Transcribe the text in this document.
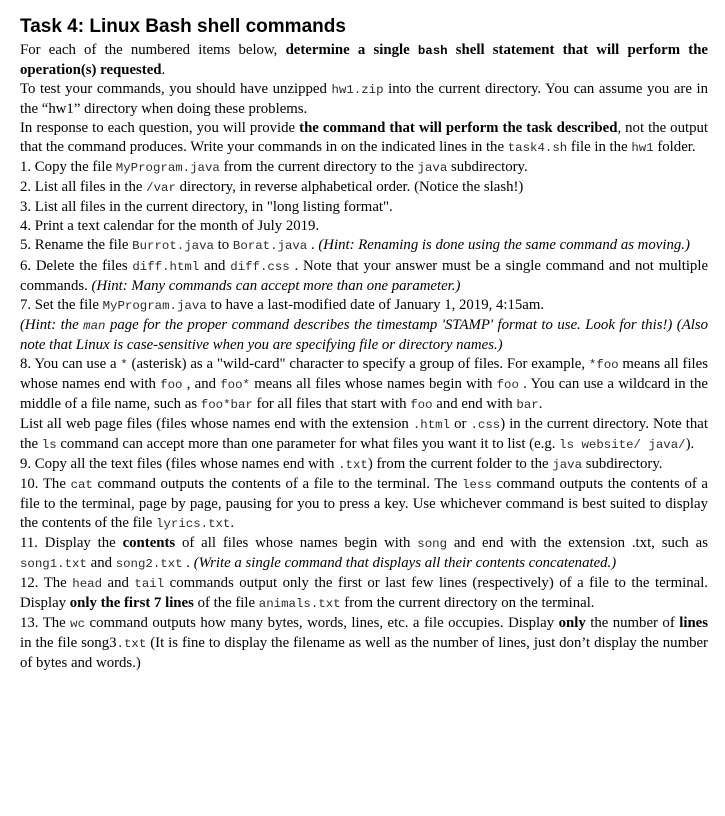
Task 4: Linux Bash shell commands

For each of the numbered items below, determine a single bash shell statement that will perform the operation(s) requested.

To test your commands, you should have unzipped hw1.zip into the current directory. You can assume you are in the “hw1” directory when doing these problems.

In response to each question, you will provide the command that will perform the task described, not the output that the command produces. Write your commands in on the indicated lines in the task4.sh file in the hw1 folder.

1. Copy the file MyProgram.java from the current directory to the java subdirectory.

2. List all files in the /var directory, in reverse alphabetical order. (Notice the slash!)

3. List all files in the current directory, in "long listing format".

4. Print a text calendar for the month of July 2019.

5. Rename the file Burrot.java to Borat.java . (Hint: Renaming is done using the same command as moving.)

6. Delete the files diff.html and diff.css . Note that your answer must be a single command and not multiple commands. (Hint: Many commands can accept more than one parameter.)

7. Set the file MyProgram.java to have a last-modified date of January 1, 2019, 4:15am.

(Hint: the man page for the proper command describes the timestamp 'STAMP' format to use. Look for this!) (Also note that Linux is case-sensitive when you are specifying file or directory names.)

8. You can use a * (asterisk) as a "wild-card" character to specify a group of files. For example, *foo means all files whose names end with foo , and foo* means all files whose names begin with foo . You can use a wildcard in the middle of a file name, such as foo*bar for all files that start with foo and end with bar.

List all web page files (files whose names end with the extension .html or .css) in the current directory. Note that the ls command can accept more than one parameter for what files you want it to list (e.g. ls website/ java/).

9. Copy all the text files (files whose names end with .txt) from the current folder to the java subdirectory.

10. The cat command outputs the contents of a file to the terminal. The less command outputs the contents of a file to the terminal, page by page, pausing for you to press a key. Use whichever command is best suited to display the contents of the file lyrics.txt.

11. Display the contents of all files whose names begin with song and end with the extension .txt, such as song1.txt and song2.txt . (Write a single command that displays all their contents concatenated.)

12. The head and tail commands output only the first or last few lines (respectively) of a file to the terminal. Display only the first 7 lines of the file animals.txt from the current directory on the terminal.

13. The wc command outputs how many bytes, words, lines, etc. a file occupies. Display only the number of lines in the file song3.txt (It is fine to display the filename as well as the number of lines, just don’t display the number of bytes and words.)
